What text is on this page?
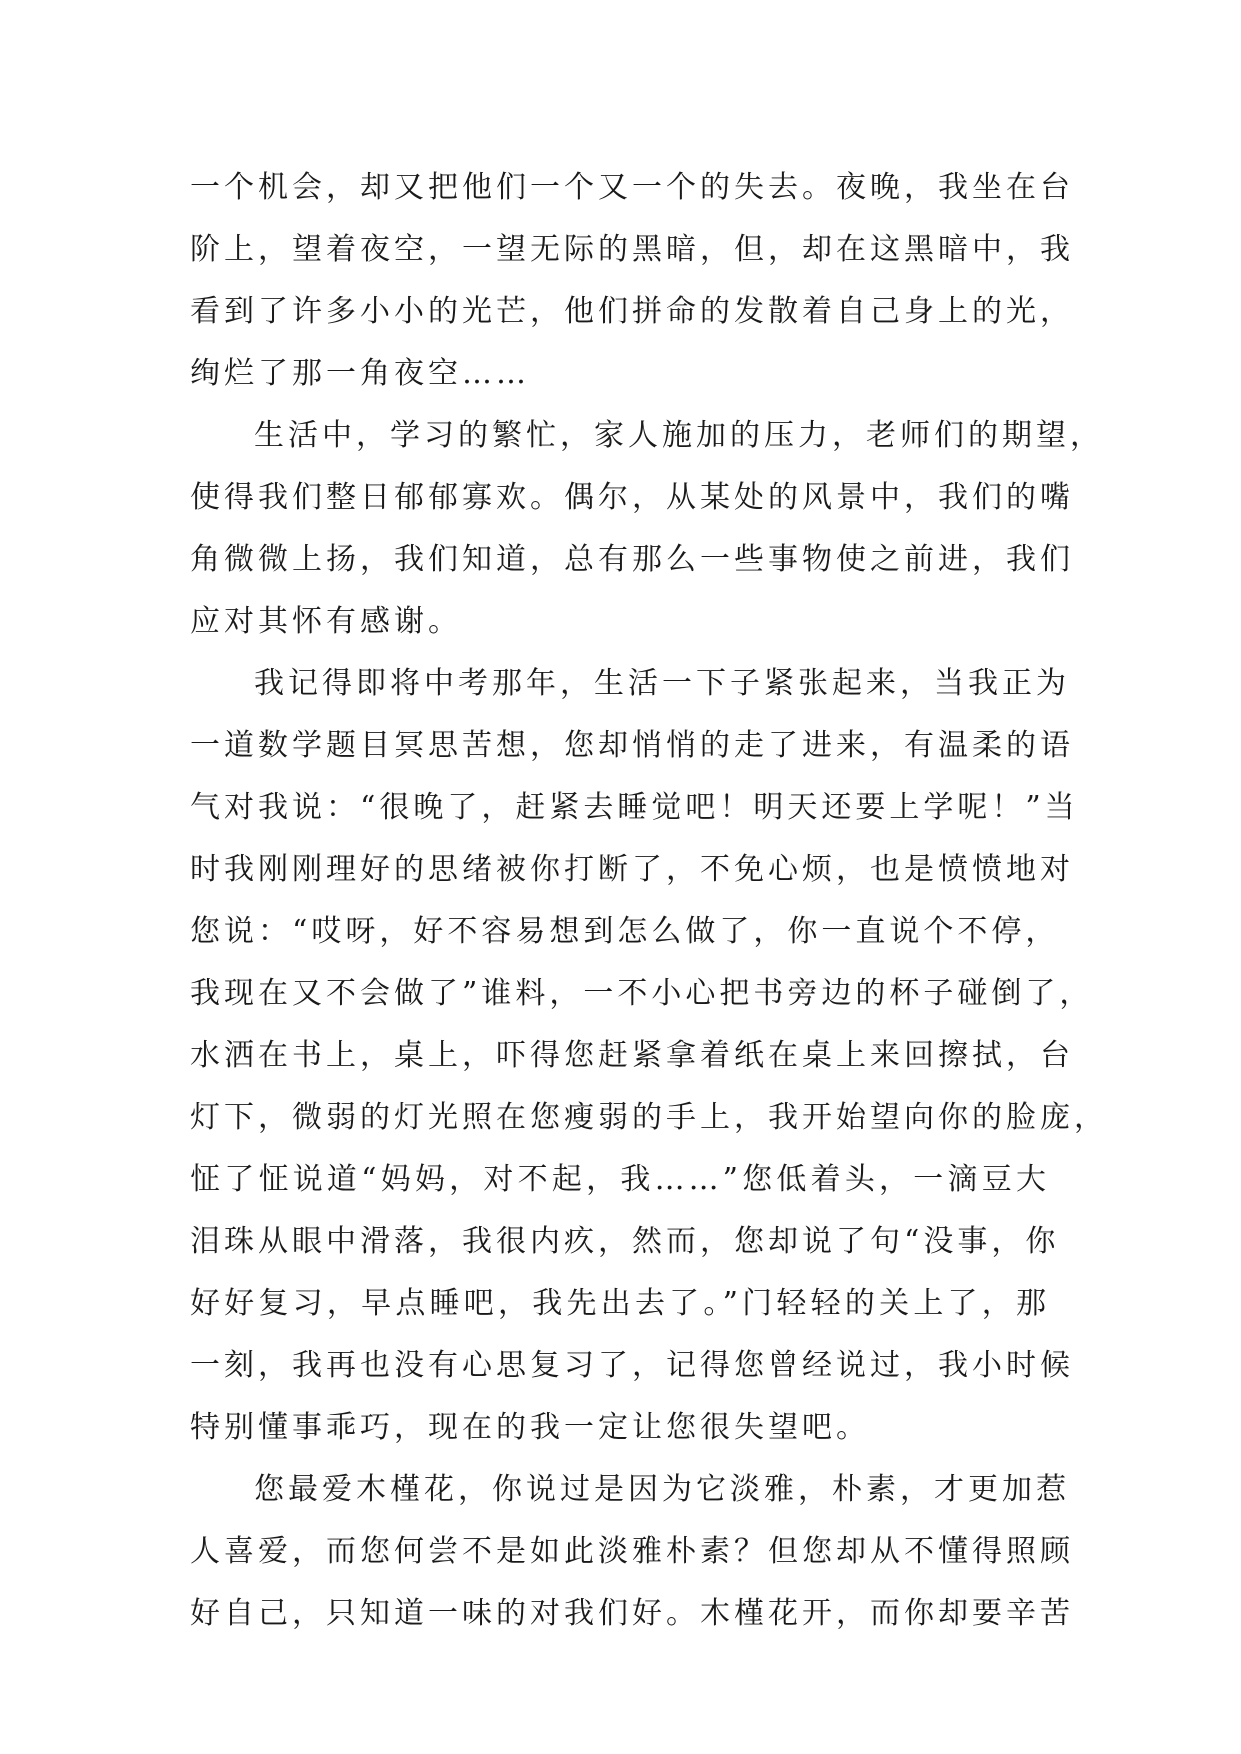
一个机会，却又把他们一个又一个的失去。夜晚，我坐在台
阶上，望着夜空，一望无际的黑暗，但，却在这黑暗中，我
看到了许多小小的光芒，他们拼命的发散着自己身上的光，
绚烂了那一角夜空……
生活中，学习的繁忙，家人施加的压力，老师们的期望，
使得我们整日郁郁寡欢。偶尔，从某处的风景中，我们的嘴
角微微上扬，我们知道，总有那么一些事物使之前进，我们
应对其怀有感谢。
我记得即将中考那年，生活一下子紧张起来，当我正为
一道数学题目冥思苦想，您却悄悄的走了进来，有温柔的语
气对我说：“很晚了，赶紧去睡觉吧！明天还要上学呢！”当
时我刚刚理好的思绪被你打断了，不免心烦，也是愤愤地对
您说：“哎呀，好不容易想到怎么做了，你一直说个不停，
我现在又不会做了”谁料，一不小心把书旁边的杯子碰倒了，
水洒在书上，桌上，吓得您赶紧拿着纸在桌上来回擦拭，台
灯下，微弱的灯光照在您瘦弱的手上，我开始望向你的脸庞，
怔了怔说道“妈妈，对不起，我……”您低着头，一滴豆大
泪珠从眼中滑落，我很内疚，然而，您却说了句“没事，你
好好复习，早点睡吧，我先出去了。”门轻轻的关上了，那
一刻，我再也没有心思复习了，记得您曾经说过，我小时候
特别懂事乖巧，现在的我一定让您很失望吧。
您最爱木槿花，你说过是因为它淡雅，朴素，才更加惹
人喜爱，而您何尝不是如此淡雅朴素？但您却从不懂得照顾
好自己，只知道一味的对我们好。木槿花开，而你却要辛苦
